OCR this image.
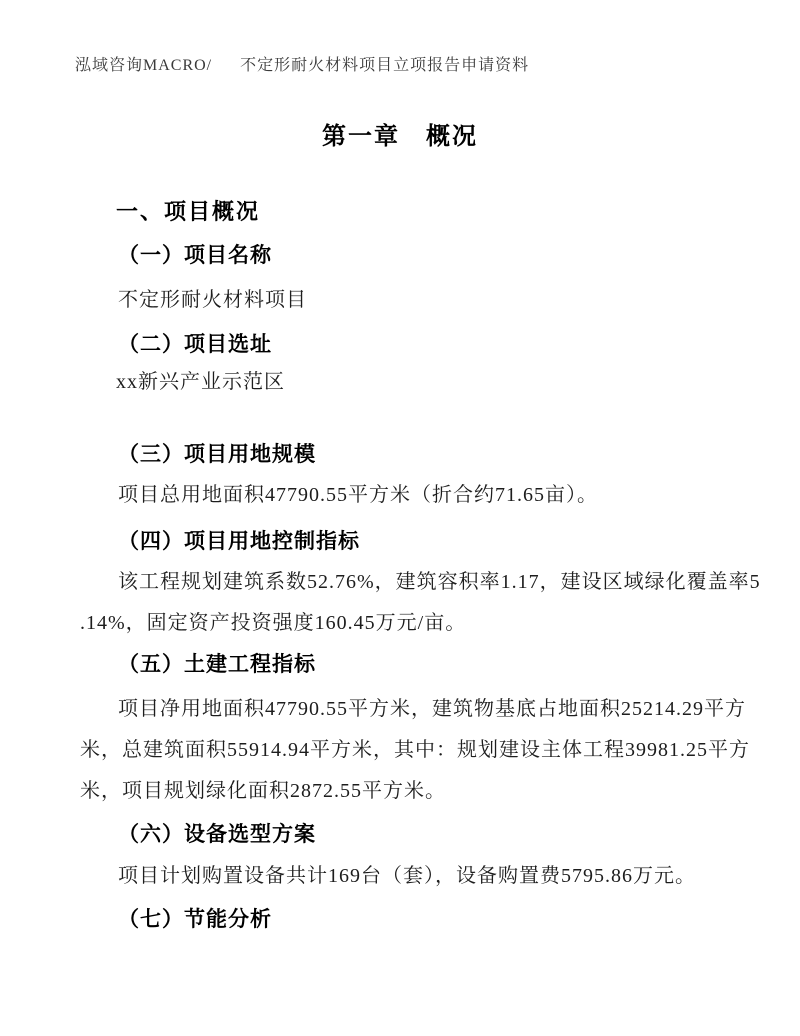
泓域咨询MACRO/ 不定形耐火材料项目立项报告申请资料
第一章　概况
一、项目概况
（一）项目名称
不定形耐火材料项目
（二）项目选址
xx新兴产业示范区
（三）项目用地规模
项目总用地面积47790.55平方米（折合约71.65亩）。
（四）项目用地控制指标
该工程规划建筑系数52.76%，建筑容积率1.17，建设区域绿化覆盖率5
.14%，固定资产投资强度160.45万元/亩。
（五）土建工程指标
项目净用地面积47790.55平方米，建筑物基底占地面积25214.29平方
米，总建筑面积55914.94平方米，其中：规划建设主体工程39981.25平方
米，项目规划绿化面积2872.55平方米。
（六）设备选型方案
项目计划购置设备共计169台（套），设备购置费5795.86万元。
（七）节能分析
